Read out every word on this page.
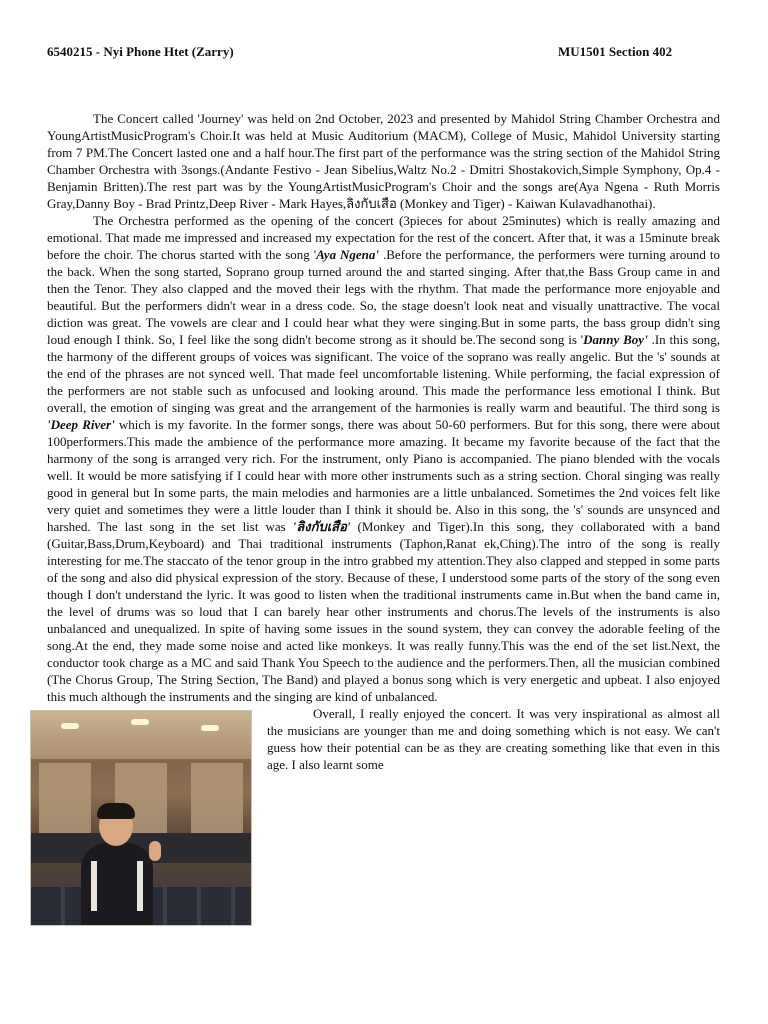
6540215 - Nyi Phone Htet (Zarry)	MU1501 Section 402

The Concert called 'Journey' was held on 2nd October, 2023 and presented by Mahidol String Chamber Orchestra and YoungArtistMusicProgram's Choir.It was held at Music Auditorium (MACM), College of Music, Mahidol University starting from 7 PM.The Concert lasted one and a half hour.The first part of the performance was the string section of the Mahidol String Chamber Orchestra with 3songs.(Andante Festivo - Jean Sibelius,Waltz No.2 - Dmitri Shostakovich,Simple Symphony, Op.4 - Benjamin Britten).The rest part was by the YoungArtistMusicProgram's Choir and the songs are(Aya Ngena - Ruth Morris Gray,Danny Boy - Brad Printz,Deep River - Mark Hayes,ลิงกับเสือ (Monkey and Tiger) - Kaiwan Kulavadhanothai).

The Orchestra performed as the opening of the concert (3pieces for about 25minutes) which is really amazing and emotional. That made me impressed and increased my expectation for the rest of the concert. After that, it was a 15minute break before the choir. The chorus started with the song 'Aya Ngena' .Before the performance, the performers were turning around to the back. When the song started, Soprano group turned around the and started singing. After that,the Bass Group came in and then the Tenor. They also clapped and the moved their legs with the rhythm. That made the performance more enjoyable and beautiful. But the performers didn't wear in a dress code. So, the stage doesn't look neat and visually unattractive. The vocal diction was great. The vowels are clear and I could hear what they were singing.But in some parts, the bass group didn't sing loud enough I think. So, I feel like the song didn't become strong as it should be.The second song is 'Danny Boy' .In this song, the harmony of the different groups of voices was significant. The voice of the soprano was really angelic. But the 's' sounds at the end of the phrases are not synced well. That made feel uncomfortable listening. While performing, the facial expression of the performers are not stable such as unfocused and looking around. This made the performance less emotional I think. But overall, the emotion of singing was great and the arrangement of the harmonies is really warm and beautiful. The third song is 'Deep River' which is my favorite. In the former songs, there was about 50-60 performers. But for this song, there were about 100performers.This made the ambience of the performance more amazing. It became my favorite because of the fact that the harmony of the song is arranged very rich. For the instrument, only Piano is accompanied. The piano blended with the vocals well. It would be more satisfying if I could hear with more other instruments such as a string section. Choral singing was really good in general but In some parts, the main melodies and harmonies are a little unbalanced. Sometimes the 2nd voices felt like very quiet and sometimes they were a little louder than I think it should be. Also in this song, the 's' sounds are unsynced and harshed. The last song in the set list was 'ลิงกับเสือ' (Monkey and Tiger).In this song, they collaborated with a band (Guitar,Bass,Drum,Keyboard) and Thai traditional instruments (Taphon,Ranat ek,Ching).The intro of the song is really interesting for me.The staccato of the tenor group in the intro grabbed my attention.They also clapped and stepped in some parts of the song and also did physical expression of the story. Because of these, I understood some parts of the story of the song even though I don't understand the lyric. It was good to listen when the traditional instruments came in.But when the band came in, the level of drums was so loud that I can barely hear other instruments and chorus.The levels of the instruments is also unbalanced and unequalized. In spite of having some issues in the sound system, they can convey the adorable feeling of the song.At the end, they made some noise and acted like monkeys. It was really funny.This was the end of the set list.Next, the conductor took charge as a MC and said Thank You Speech to the audience and the performers.Then, all the musician combined (The Chorus Group, The String Section, The Band) and played a bonus song which is very energetic and upbeat. I also enjoyed this much although the instruments and the singing are kind of unbalanced.

Overall, I really enjoyed the concert. It was very inspirational as almost all the musicians are younger than me and doing something which is not easy. We can't guess how their potential can be as they are creating something like that even in this age. I also learnt some
